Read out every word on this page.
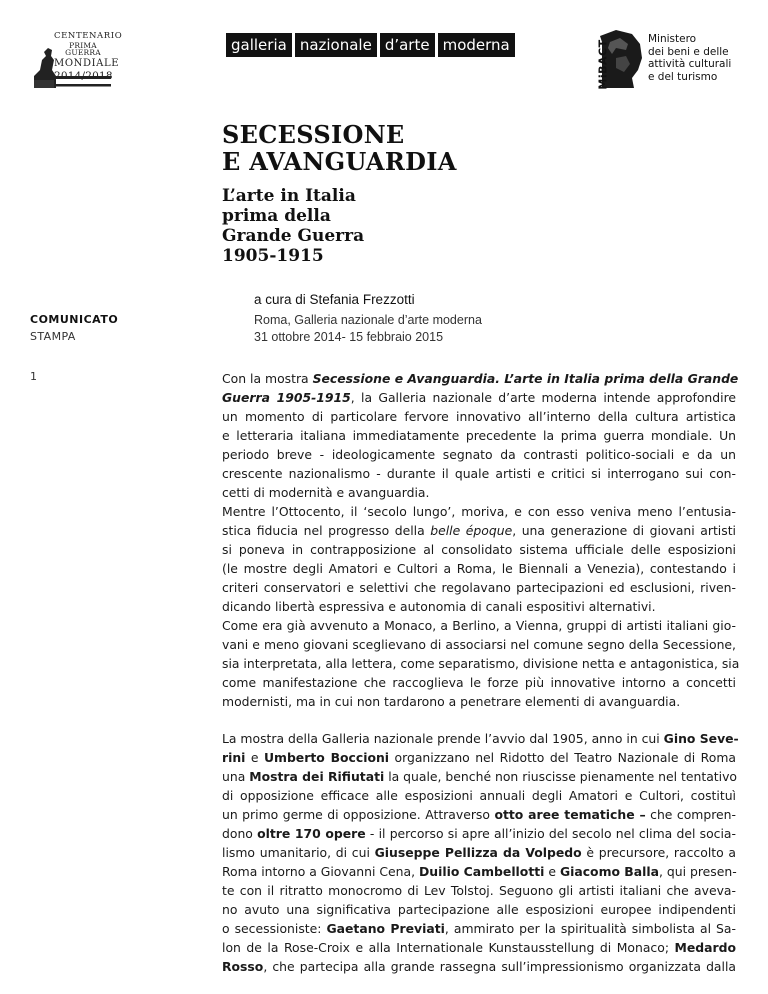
CENTENARIO
PRIMA GUERRA
MONDIALE
2014/2018
galleria nazionale d’arte moderna	MiBACT
Ministero
dei beni e delle
attività culturali
e del turismo
SECESSIONE
E AVANGUARDIA
L’arte in Italia
prima della
Grande Guerra
1905-1915
a cura di Stefania Frezzotti
Roma, Galleria nazionale d’arte moderna
31 ottobre 2014- 15 febbraio 2015
COMUNICATO
STAMPA
1	Con la mostra Secessione e Avanguardia. L’arte in Italia prima della Grande
Guerra 1905-1915, la Galleria nazionale d’arte moderna intende approfondire
un momento di particolare fervore innovativo all’interno della cultura artistica
e letteraria italiana immediatamente precedente la prima guerra mondiale. Un
periodo breve - ideologicamente segnato da contrasti politico-sociali e da un
crescente nazionalismo - durante il quale artisti e critici si interrogano sui con-
cetti di modernità e avanguardia.
Mentre l’Ottocento, il ‘secolo lungo’, moriva, e con esso veniva meno l’entusia-
stica fiducia nel progresso della belle époque, una generazione di giovani artisti
si poneva in contrapposizione al consolidato sistema ufficiale delle esposizioni
(le mostre degli Amatori e Cultori a Roma, le Biennali a Venezia), contestando i
criteri conservatori e selettivi che regolavano partecipazioni ed esclusioni, riven-
dicando libertà espressiva e autonomia di canali espositivi alternativi.
Come era già avvenuto a Monaco, a Berlino, a Vienna, gruppi di artisti italiani gio-
vani e meno giovani sceglievano di associarsi nel comune segno della Secessione,
sia interpretata, alla lettera, come separatismo, divisione netta e antagonistica, sia
come manifestazione che raccoglieva le forze più innovative intorno a concetti
modernisti, ma in cui non tardarono a penetrare elementi di avanguardia.

La mostra della Galleria nazionale prende l’avvio dal 1905, anno in cui Gino Seve-
rini e Umberto Boccioni organizzano nel Ridotto del Teatro Nazionale di Roma
una Mostra dei Rifiutati la quale, benché non riuscisse pienamente nel tentativo
di opposizione efficace alle esposizioni annuali degli Amatori e Cultori, costituì
un primo germe di opposizione. Attraverso otto aree tematiche – che compren-
dono oltre 170 opere - il percorso si apre all’inizio del secolo nel clima del socia-
lismo umanitario, di cui Giuseppe Pellizza da Volpedo è precursore, raccolto a
Roma intorno a Giovanni Cena, Duilio Cambellotti e Giacomo Balla, qui presen-
te con il ritratto monocromo di Lev Tolstoj. Seguono gli artisti italiani che aveva-
no avuto una significativa partecipazione alle esposizioni europee indipendenti
o secessioniste: Gaetano Previati, ammirato per la spiritualità simbolista al Sa-
lon de la Rose-Croix e alla Internationale Kunstausstellung di Monaco; Medardo
Rosso, che partecipa alla grande rassegna sull’impressionismo organizzata dalla
